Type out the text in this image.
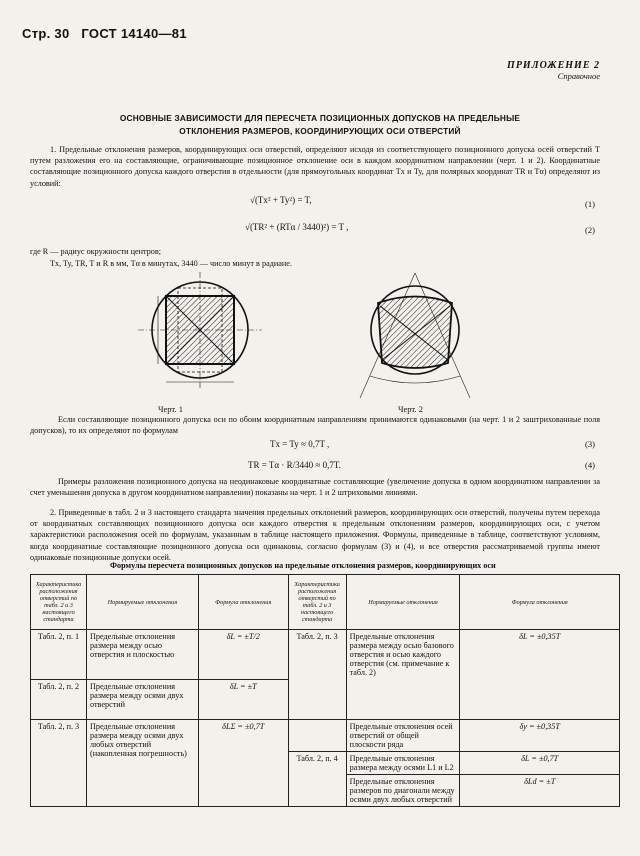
Стр. 30 ГОСТ 14140—81
ПРИЛОЖЕНИЕ 2
Справочное
ОСНОВНЫЕ ЗАВИСИМОСТИ ДЛЯ ПЕРЕСЧЕТА ПОЗИЦИОННЫХ ДОПУСКОВ НА ПРЕДЕЛЬНЫЕ
ОТКЛОНЕНИЯ РАЗМЕРОВ, КООРДИНИРУЮЩИХ ОСИ ОТВЕРСТИЙ
1. Предельные отклонения размеров, координирующих оси отверстий, определяют исходя из соответствующего позиционного допуска осей отверстий T путем разложения его на составляющие, ограничивающие позиционное отклонение оси в каждом координатном направлении (черт. 1 и 2). Координатные составляющие позиционного допуска каждого отверстия в отдельности (для прямоугольных координат Tx и Ty, для полярных координат TR и Tα) определяют из условий:
√(Tx² + Ty²) = T,	(1)
√(TR² + (RTα / 3440)²) = T ,	(2)
где R — радиус окружности центров;
Tx, Ty, TR, T и R в мм, Tα в минутах, 3440 — число минут в радиане.
Черт. 1	Черт. 2
Если составляющие позиционного допуска оси по обоим координатным направлениям принимаются одинаковыми (на черт. 1 и 2 заштрихованные поля допусков), то их определяют по формулам
Tx = Ty ≈ 0,7T ,	(3)
TR = Tα · R/3440 ≈ 0,7T.	(4)
Примеры разложения позиционного допуска на неодинаковые координатные составляющие (увеличение допуска в одном координатном направлении за счет уменьшения допуска в другом координатном направлении) показаны на черт. 1 и 2 штриховыми линиями.
2. Приведенные в табл. 2 и 3 настоящего стандарта значения предельных отклонений размеров, координирующих оси отверстий, получены путем перехода от координатных составляющих позиционного допуска оси каждого отверстия к предельным отклонениям размеров, координирующих оси, с учетом характеристики расположения осей по формулам, указанным в таблице настоящего приложения. Формулы, приведенные в таблице, соответствуют условиям, когда координатные составляющие позиционного допуска оси одинаковы, согласно формулам (3) и (4), и все отверстия рассматриваемой группы имеют одинаковые позиционные допуски осей.
Формулы пересчета позиционных допусков на предельные отклонения размеров, координирующих оси
Характеристика расположения отверстий по табл. 2 и 3 настоящего стандарта	Нормируемые отклонения	Формула отклонения	Характеристика расположения отверстий по табл. 2 и 3 настоящего стандарта	Нормируемые отклонения	Формула отклонения
Табл. 2, п. 1	Предельные отклонения размера между осью отверстия и плоскостью	δL = ±T/2	Табл. 2, п. 3	Предельные отклонения размера между осью базового отверстия и осью каждого отверстия (см. примечание к табл. 2)	δL = ±0,35T
Табл. 2, п. 2	Предельные отклонения размера между осями двух отверстий	δL = ±T			
Табл. 2, п. 3	Предельные отклонения размера между осями двух любых отверстий (накопленная погрешность)	δLΣ = ±0,7T		Предельные отклонения осей отверстий от общей плоскости ряда	δy = ±0,35T
			Табл. 2, п. 4	Предельные отклонения размера между осями L1 и L2	δL = ±0,7T
				Предельные отклонения размеров по диагонали между осями двух любых отверстий	δLd = ±T
